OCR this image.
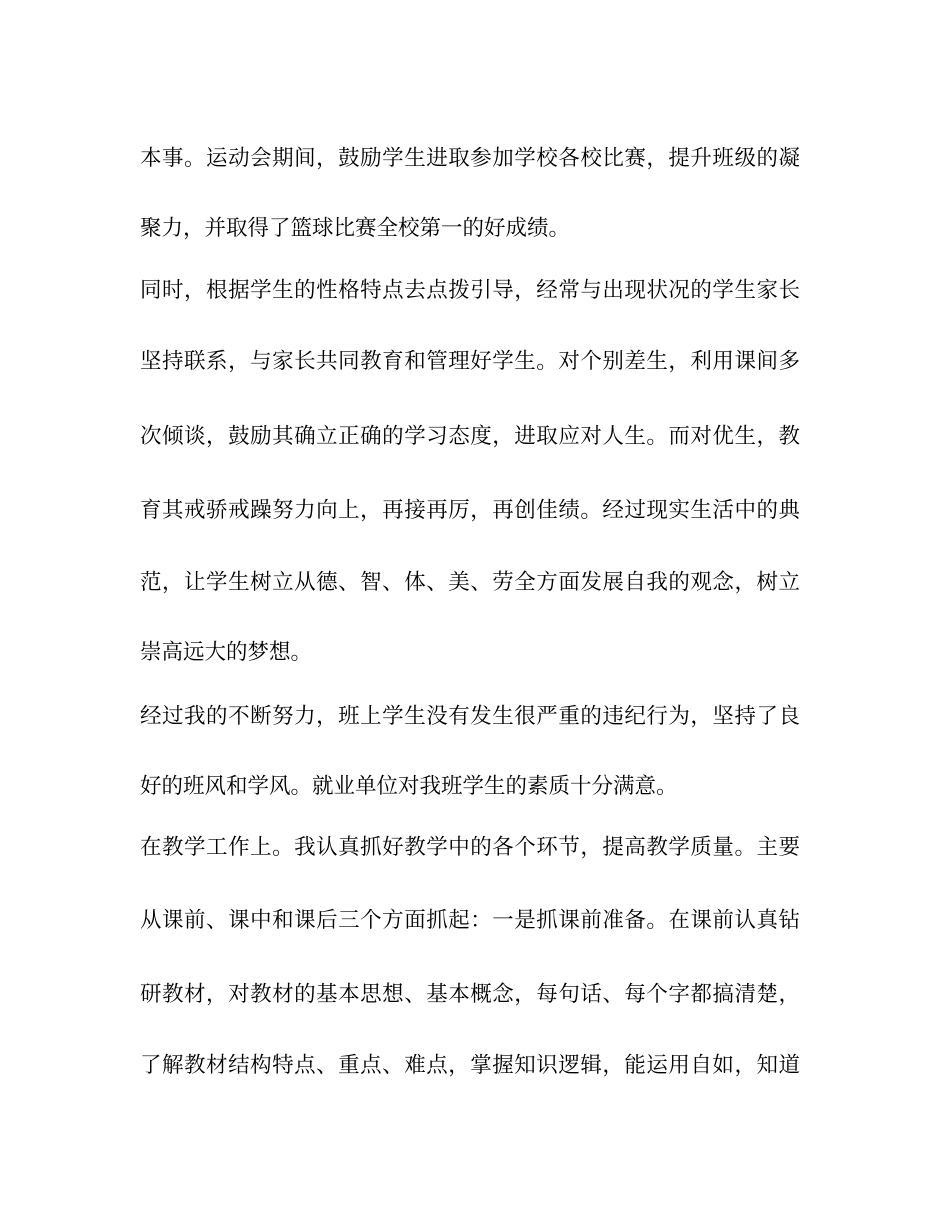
本事。运动会期间，鼓励学生进取参加学校各校比赛，提升班级的凝
聚力，并取得了篮球比赛全校第一的好成绩。
同时，根据学生的性格特点去点拨引导，经常与出现状况的学生家长
坚持联系，与家长共同教育和管理好学生。对个别差生，利用课间多
次倾谈，鼓励其确立正确的学习态度，进取应对人生。而对优生，教
育其戒骄戒躁努力向上，再接再厉，再创佳绩。经过现实生活中的典
范，让学生树立从德、智、体、美、劳全方面发展自我的观念，树立
崇高远大的梦想。
经过我的不断努力，班上学生没有发生很严重的违纪行为，坚持了良
好的班风和学风。就业单位对我班学生的素质十分满意。
在教学工作上。我认真抓好教学中的各个环节，提高教学质量。主要
从课前、课中和课后三个方面抓起：一是抓课前准备。在课前认真钻
研教材，对教材的基本思想、基本概念，每句话、每个字都搞清楚，
了解教材结构特点、重点、难点，掌握知识逻辑，能运用自如，知道
